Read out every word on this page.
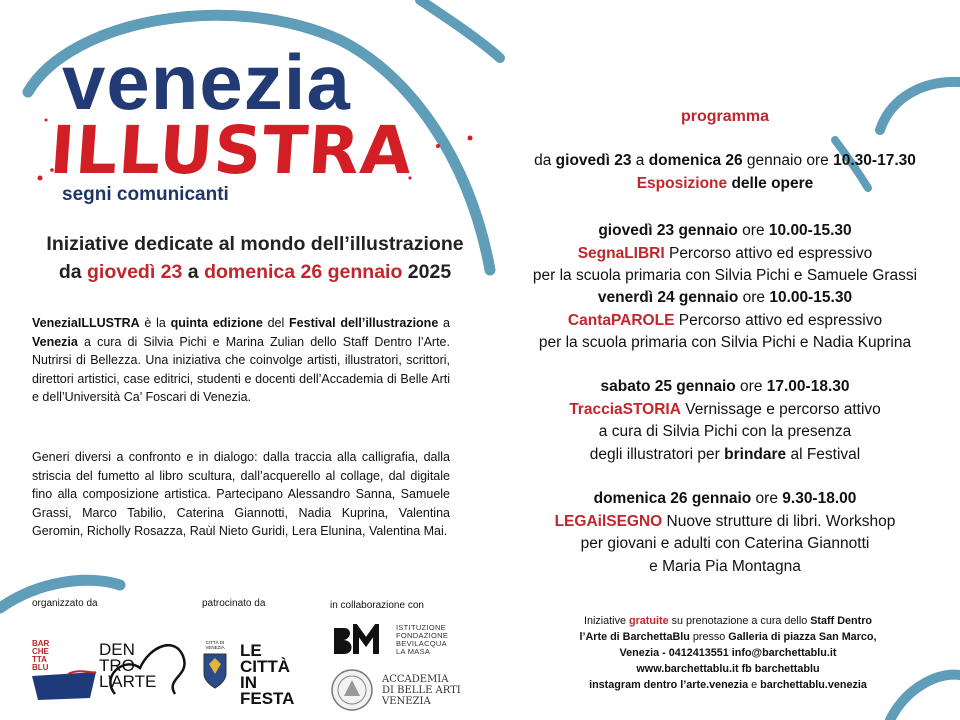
venezia
ILLUSTRA
segni comunicanti
Iniziative dedicate al mondo dell’illustrazione
da giovedì 23 a domenica 26 gennaio 2025
VeneziaILLUSTRA è la quinta edizione del Festival dell’illustrazione a Venezia a cura di Silvia Pichi e Marina Zulian dello Staff Dentro l’Arte. Nutrirsi di Bellezza. Una iniziativa che coinvolge artisti, illustratori, scrittori, direttori artistici, case editrici, studenti e docenti dell’Accademia di Belle Arti e dell’Università Ca’ Foscari di Venezia.
Generi diversi a confronto e in dialogo: dalla traccia alla calligrafia, dalla striscia del fumetto al libro scultura, dall’acquerello al collage, dal digitale fino alla composizione artistica. Partecipano Alessandro Sanna, Samuele Grassi, Marco Tabilio, Caterina Giannotti, Nadia Kuprina, Valentina Geromin, Richolly Rosazza, Raùl Nieto Guridi, Lera Elunina, Valentina Mai.
programma
da giovedì 23 a domenica 26 gennaio ore 10.30-17.30
Esposizione delle opere
giovedì 23 gennaio ore 10.00-15.30
SegnaLIBRI Percorso attivo ed espressivo
per la scuola primaria con Silvia Pichi e Samuele Grassi
venerdì 24 gennaio ore 10.00-15.30
CantaPAROLE Percorso attivo ed espressivo
per la scuola primaria con Silvia Pichi e Nadia Kuprina
sabato 25 gennaio ore 17.00-18.30
TracciaSTORIA Vernissage e percorso attivo
a cura di Silvia Pichi con la presenza
degli illustratori per brindare al Festival
domenica 26 gennaio ore 9.30-18.00
LEGAilSEGNO Nuove strutture di libri. Workshop
per giovani e adulti con Caterina Giannotti
e Maria Pia Montagna
Iniziative gratuite su prenotazione a cura dello Staff Dentro
l’Arte di BarchettaBlu presso Galleria di piazza San Marco,
Venezia - 0412413551 info@barchettablu.it
www.barchettablu.it fb barchettablu
instagram dentro l’arte.venezia e barchettablu.venezia
organizzato da	patrocinato da	in collaborazione con
BAR
CHE
TTA
BLU
DEN
TRO
L’ARTE
CITTÀ DI VENEZIA LE
CITTÀ
IN
FESTA
ISTITUZIONE
FONDAZIONE
BEVILACQUA
LA MASA
ACCADEMIA
DI BELLE ARTI
VENEZIA
